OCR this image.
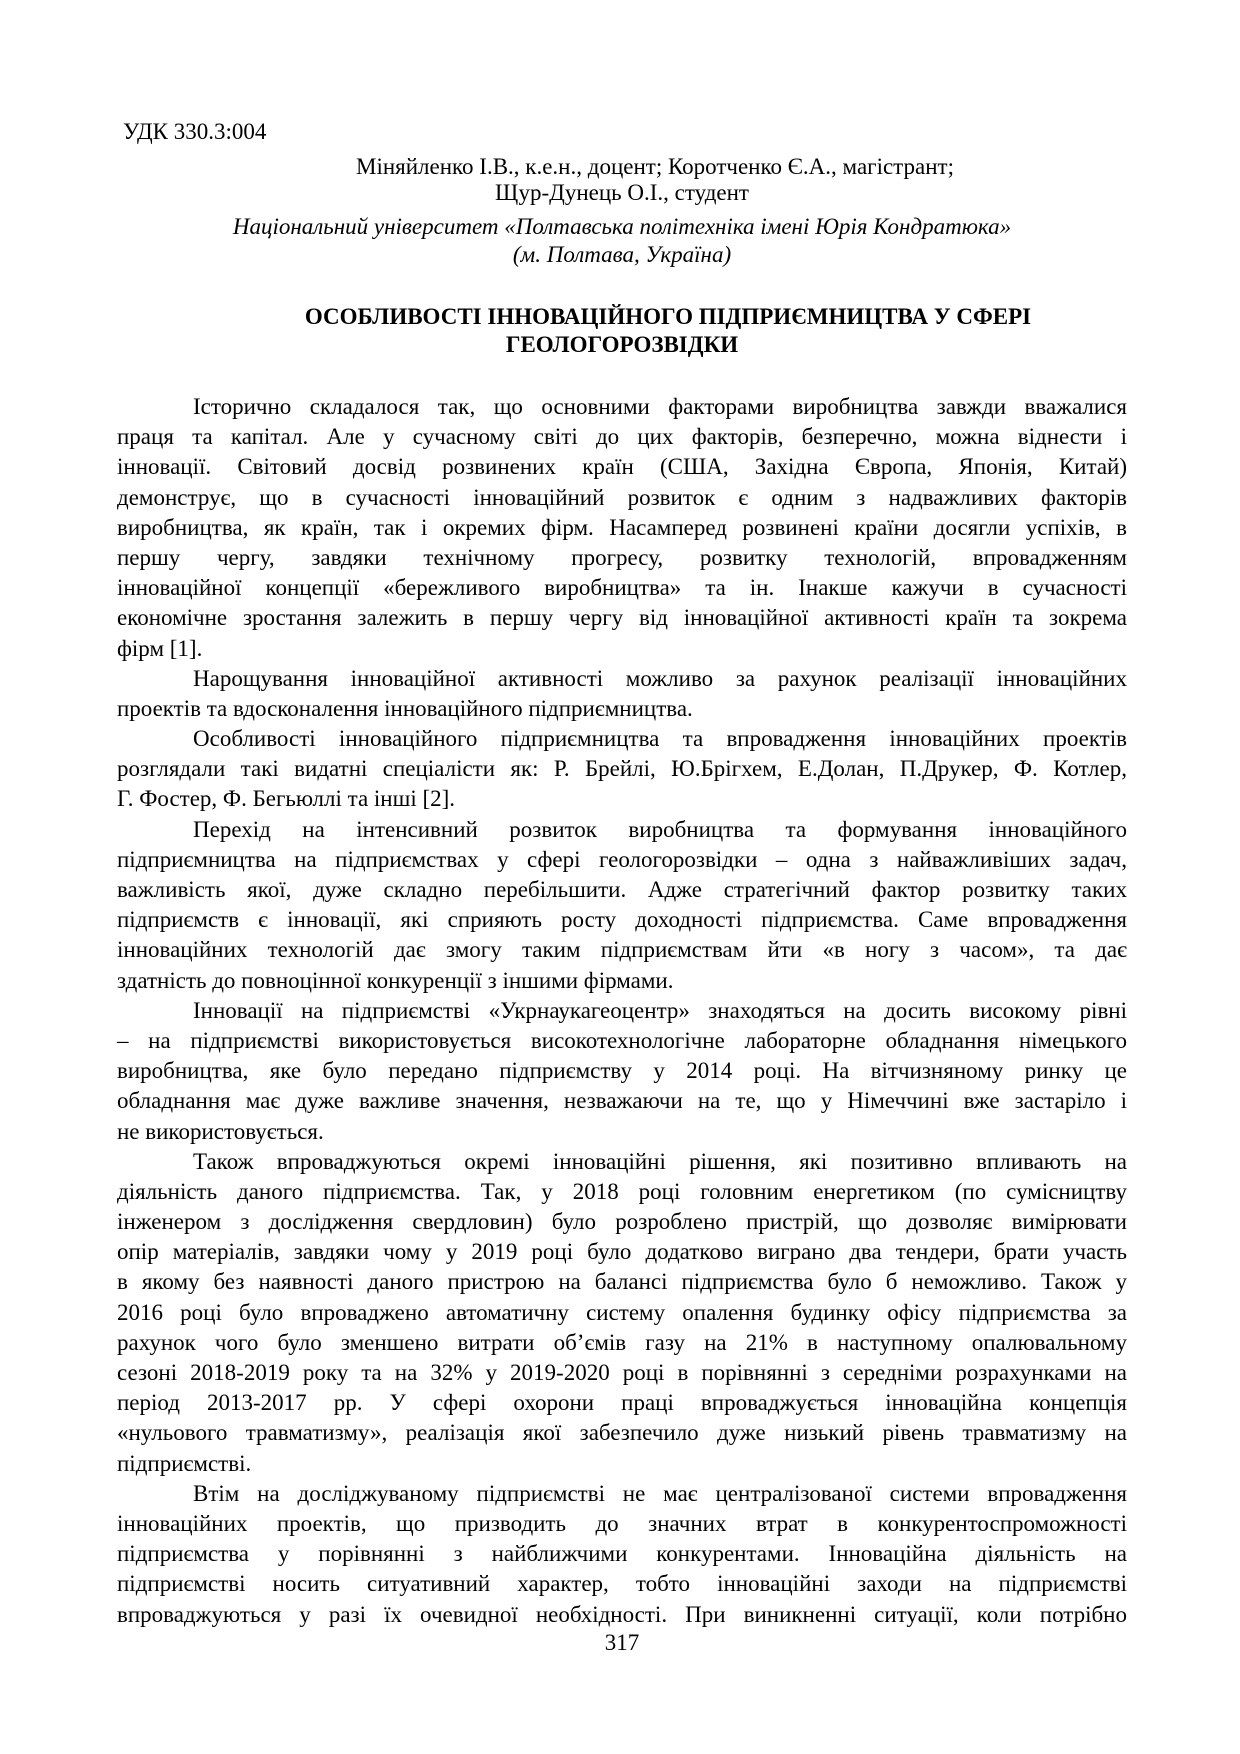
УДК 330.3:004
Міняйленко І.В., к.е.н., доцент; Коротченко Є.А., магістрант;
Щур-Дунець О.І., студент
Національний університет «Полтавська політехніка імені Юрія Кондратюка»
(м. Полтава, Україна)
ОСОБЛИВОСТІ ІННОВАЦІЙНОГО ПІДПРИЄМНИЦТВА У СФЕРІ
ГЕОЛОГОРОЗВІДКИ
Історично складалося так, що основними факторами виробництва завжди вважалися
праця та капітал. Але у сучасному світі до цих факторів, безперечно, можна віднести і
інновації. Світовий досвід розвинених країн (США, Західна Європа, Японія, Китай)
демонструє, що в сучасності інноваційний розвиток є одним з надважливих факторів
виробництва, як країн, так і окремих фірм. Насамперед розвинені країни досягли успіхів, в
першу чергу, завдяки технічному прогресу, розвитку технологій, впровадженням
інноваційної концепції «бережливого виробництва» та ін. Інакше кажучи в сучасності
економічне зростання залежить в першу чергу від інноваційної активності країн та зокрема
фірм [1].
Нарощування інноваційної активності можливо за рахунок реалізації інноваційних
проектів та вдосконалення інноваційного підприємництва.
Особливості інноваційного підприємництва та впровадження інноваційних проектів
розглядали такі видатні спеціалісти як: Р. Брейлі, Ю.Брігхем, Е.Долан, П.Друкер, Ф. Котлер,
Г. Фостер, Ф. Бегьюллі та інші [2].
Перехід на інтенсивний розвиток виробництва та формування інноваційного
підприємництва на підприємствах у сфері геологорозвідки – одна з найважливіших задач,
важливість якої, дуже складно перебільшити. Адже стратегічний фактор розвитку таких
підприємств є інновації, які сприяють росту доходності підприємства. Саме впровадження
інноваційних технологій дає змогу таким підприємствам йти «в ногу з часом», та дає
здатність до повноцінної конкуренції з іншими фірмами.
Інновації на підприємстві «Укрнаукагеоцентр» знаходяться на досить високому рівні
– на підприємстві використовується високотехнологічне лабораторне обладнання німецького
виробництва, яке було передано підприємству у 2014 році. На вітчизняному ринку це
обладнання має дуже важливе значення, незважаючи на те, що у Німеччині вже застаріло і
не використовується.
Також впроваджуються окремі інноваційні рішення, які позитивно впливають на
діяльність даного підприємства. Так, у 2018 році головним енергетиком (по сумісництву
інженером з дослідження свердловин) було розроблено пристрій, що дозволяє вимірювати
опір матеріалів, завдяки чому у 2019 році було додатково виграно два тендери, брати участь
в якому без наявності даного пристрою на балансі підприємства було б неможливо. Також у
2016 році було впроваджено автоматичну систему опалення будинку офісу підприємства за
рахунок чого було зменшено витрати об’ємів газу на 21% в наступному опалювальному
сезоні 2018-2019 року та на 32% у 2019-2020 році в порівнянні з середніми розрахунками на
період 2013-2017 рр. У сфері охорони праці впроваджується інноваційна концепція
«нульового травматизму», реалізація якої забезпечило дуже низький рівень травматизму на
підприємстві.
Втім на досліджуваному підприємстві не має централізованої системи впровадження
інноваційних проектів, що призводить до значних втрат в конкурентоспроможності
підприємства у порівнянні з найближчими конкурентами. Інноваційна діяльність на
підприємстві носить ситуативний характер, тобто інноваційні заходи на підприємстві
впроваджуються у разі їх очевидної необхідності. При виникненні ситуації, коли потрібно
317
